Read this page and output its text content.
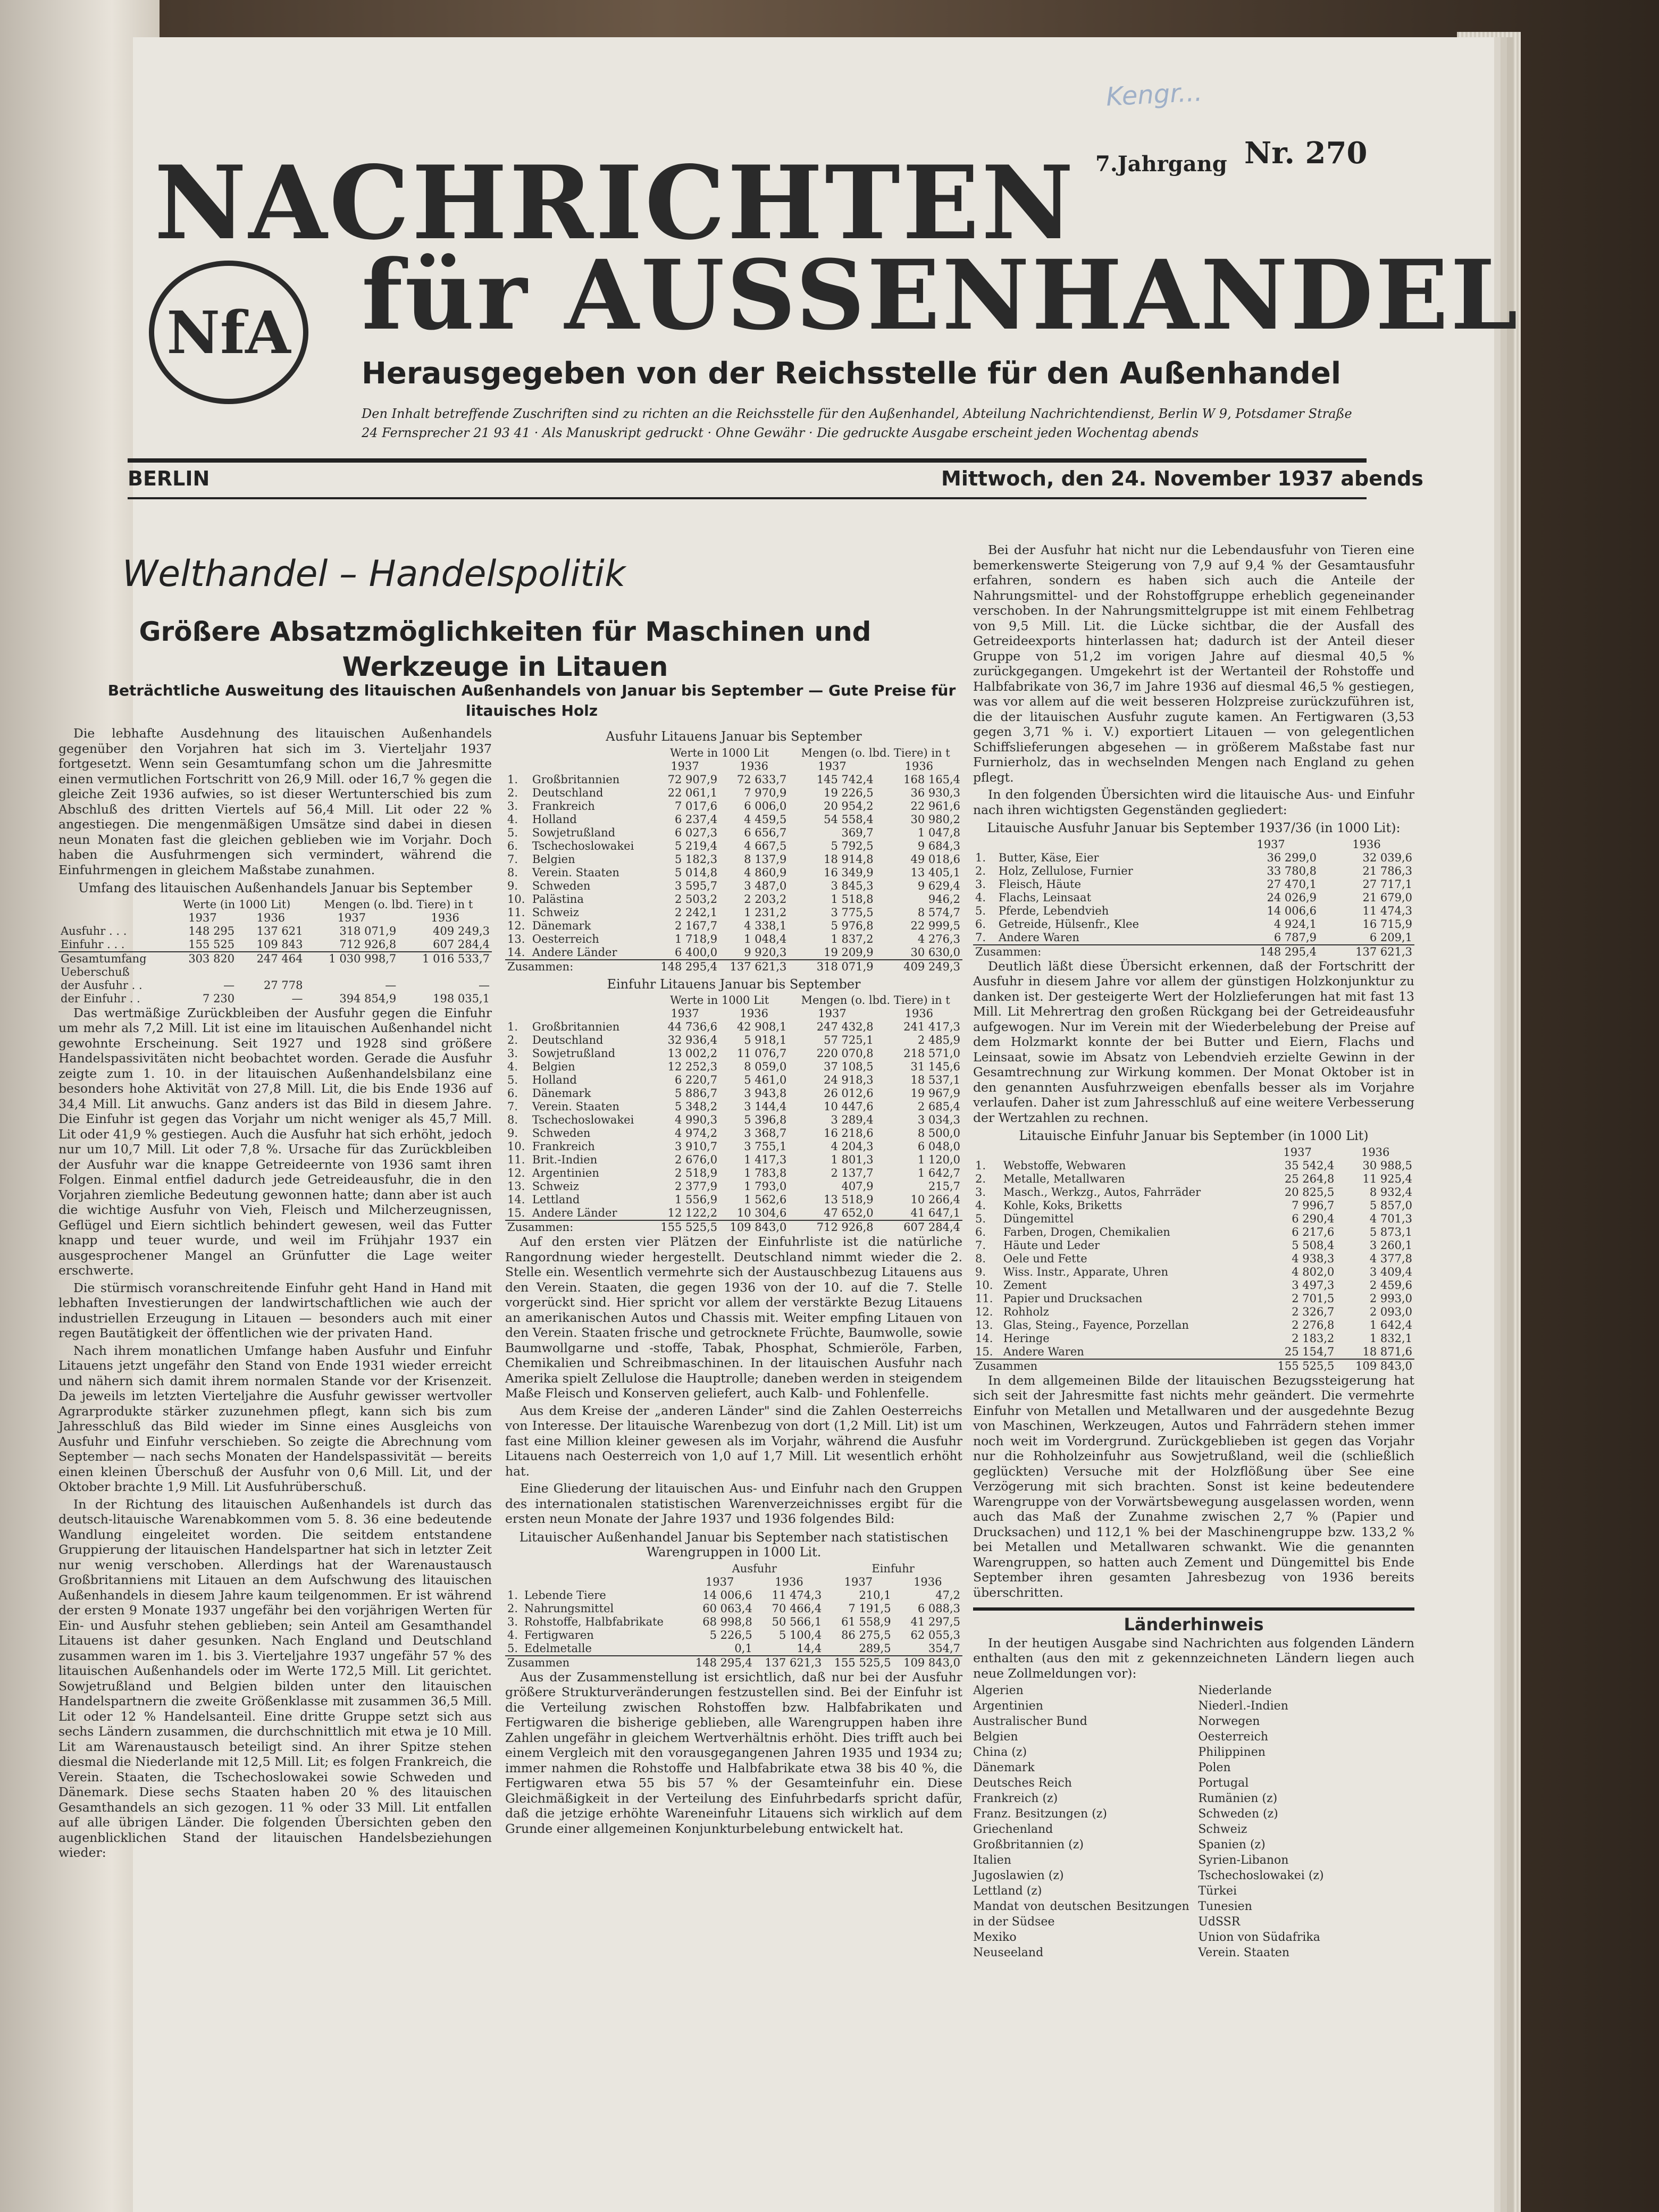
Kengr...
NACHRICHTEN
für AUSSENHANDEL
NfA
7.Jahrgang Nr. 270
Herausgegeben von der Reichsstelle für den Außenhandel
Den Inhalt betreffende Zuschriften sind zu richten an die Reichsstelle für den Außenhandel, Abteilung Nachrichtendienst, Berlin W 9, Potsdamer Straße 24 Fernsprecher 21 93 41 · Als Manuskript gedruckt · Ohne Gewähr · Die gedruckte Ausgabe erscheint jeden Wochentag abends
BERLIN	Mittwoch, den 24. November 1937 abends
Welthandel – Handelspolitik
Größere Absatzmöglichkeiten für Maschinen und Werkzeuge in Litauen
Beträchtliche Ausweitung des litauischen Außenhandels von Januar bis September — Gute Preise für litauisches Holz

Die lebhafte Ausdehnung des litauischen Außenhandels gegenüber den Vorjahren hat sich im 3. Vierteljahr 1937 fortgesetzt. Wenn sein Gesamtumfang schon um die Jahresmitte einen vermutlichen Fortschritt von 26,9 Mill. oder 16,7 % gegen die gleiche Zeit 1936 aufwies, so ist dieser Wertunterschied bis zum Abschluß des dritten Viertels auf 56,4 Mill. Lit oder 22 % angestiegen. Die mengenmäßigen Umsätze sind dabei in diesen neun Monaten fast die gleichen geblieben wie im Vorjahr. Doch haben die Ausfuhrmengen sich vermindert, während die Einfuhrmengen in gleichem Maßstabe zunahmen.

Umfang des litauischen Außenhandels Januar bis September
	Werte (in 1000 Lit)		Mengen (o. lbd. Tiere) in t	
	1937	1936	1937	1936
Ausfuhr . . .	148 295	137 621	318 071,9	409 249,3
Einfuhr . . .	155 525	109 843	712 926,8	607 284,4
Gesamtumfang	303 820	247 464	1 030 998,7	1 016 533,7
Ueberschuß				
der Ausfuhr . .	—	27 778	—	—
der Einfuhr . .	7 230	—	394 854,9	198 035,1

Das wertmäßige Zurückbleiben der Ausfuhr gegen die Einfuhr um mehr als 7,2 Mill. Lit ist eine im litauischen Außenhandel nicht gewohnte Erscheinung. Seit 1927 und 1928 sind größere Handelspassivitäten nicht beobachtet worden. Gerade die Ausfuhr zeigte zum 1. 10. in der litauischen Außenhandelsbilanz eine besonders hohe Aktivität von 27,8 Mill. Lit, die bis Ende 1936 auf 34,4 Mill. Lit anwuchs. Ganz anders ist das Bild in diesem Jahre. Die Einfuhr ist gegen das Vorjahr um nicht weniger als 45,7 Mill. Lit oder 41,9 % gestiegen. Auch die Ausfuhr hat sich erhöht, jedoch nur um 10,7 Mill. Lit oder 7,8 %. Ursache für das Zurückbleiben der Ausfuhr war die knappe Getreideernte von 1936 samt ihren Folgen. Einmal entfiel dadurch jede Getreideausfuhr, die in den Vorjahren ziemliche Bedeutung gewonnen hatte; dann aber ist auch die wichtige Ausfuhr von Vieh, Fleisch und Milcherzeugnissen, Geflügel und Eiern sichtlich behindert gewesen, weil das Futter knapp und teuer wurde, und weil im Frühjahr 1937 ein ausgesprochener Mangel an Grünfutter die Lage weiter erschwerte.

Die stürmisch voranschreitende Einfuhr geht Hand in Hand mit lebhaften Investierungen der landwirtschaftlichen wie auch der industriellen Erzeugung in Litauen — besonders auch mit einer regen Bautätigkeit der öffentlichen wie der privaten Hand.

Nach ihrem monatlichen Umfange haben Ausfuhr und Einfuhr Litauens jetzt ungefähr den Stand von Ende 1931 wieder erreicht und nähern sich damit ihrem normalen Stande vor der Krisenzeit. Da jeweils im letzten Vierteljahre die Ausfuhr gewisser wertvoller Agrarprodukte stärker zuzunehmen pflegt, kann sich bis zum Jahresschluß das Bild wieder im Sinne eines Ausgleichs von Ausfuhr und Einfuhr verschieben. So zeigte die Abrechnung vom September — nach sechs Monaten der Handelspassivität — bereits einen kleinen Überschuß der Ausfuhr von 0,6 Mill. Lit, und der Oktober brachte 1,9 Mill. Lit Ausfuhrüberschuß.

In der Richtung des litauischen Außenhandels ist durch das deutsch-litauische Warenabkommen vom 5. 8. 36 eine bedeutende Wandlung eingeleitet worden. Die seitdem entstandene Gruppierung der litauischen Handelspartner hat sich in letzter Zeit nur wenig verschoben. Allerdings hat der Warenaustausch Großbritanniens mit Litauen an dem Aufschwung des litauischen Außenhandels in diesem Jahre kaum teilgenommen. Er ist während der ersten 9 Monate 1937 ungefähr bei den vorjährigen Werten für Ein- und Ausfuhr stehen geblieben; sein Anteil am Gesamthandel Litauens ist daher gesunken. Nach England und Deutschland zusammen waren im 1. bis 3. Vierteljahre 1937 ungefähr 57 % des litauischen Außenhandels oder im Werte 172,5 Mill. Lit gerichtet. Sowjetrußland und Belgien bilden unter den litauischen Handelspartnern die zweite Größenklasse mit zusammen 36,5 Mill. Lit oder 12 % Handelsanteil. Eine dritte Gruppe setzt sich aus sechs Ländern zusammen, die durchschnittlich mit etwa je 10 Mill. Lit am Warenaustausch beteiligt sind. An ihrer Spitze stehen diesmal die Niederlande mit 12,5 Mill. Lit; es folgen Frankreich, die Verein. Staaten, die Tschechoslowakei sowie Schweden und Dänemark. Diese sechs Staaten haben 20 % des litauischen Gesamthandels an sich gezogen. 11 % oder 33 Mill. Lit entfallen auf alle übrigen Länder. Die folgenden Übersichten geben den augenblicklichen Stand der litauischen Handelsbeziehungen wieder:

Ausfuhr Litauens Januar bis September
		Werte in 1000 Lit		Mengen (o. lbd. Tiere) in t	
		1937	1936	1937	1936
1.	Großbritannien	72 907,9	72 633,7	145 742,4	168 165,4
2.	Deutschland	22 061,1	7 970,9	19 226,5	36 930,3
3.	Frankreich	7 017,6	6 006,0	20 954,2	22 961,6
4.	Holland	6 237,4	4 459,5	54 558,4	30 980,2
5.	Sowjetrußland	6 027,3	6 656,7	369,7	1 047,8
6.	Tschechoslowakei	5 219,4	4 667,5	5 792,5	9 684,3
7.	Belgien	5 182,3	8 137,9	18 914,8	49 018,6
8.	Verein. Staaten	5 014,8	4 860,9	16 349,9	13 405,1
9.	Schweden	3 595,7	3 487,0	3 845,3	9 629,4
10.	Palästina	2 503,2	2 203,2	1 518,8	946,2
11.	Schweiz	2 242,1	1 231,2	3 775,5	8 574,7
12.	Dänemark	2 167,7	4 338,1	5 976,8	22 999,5
13.	Oesterreich	1 718,9	1 048,4	1 837,2	4 276,3
14.	Andere Länder	6 400,0	9 920,3	19 209,9	30 630,0
Zusammen:		148 295,4	137 621,3	318 071,9	409 249,3
Einfuhr Litauens Januar bis September
		Werte in 1000 Lit		Mengen (o. lbd. Tiere) in t	
		1937	1936	1937	1936
1.	Großbritannien	44 736,6	42 908,1	247 432,8	241 417,3
2.	Deutschland	32 936,4	5 918,1	57 725,1	2 485,9
3.	Sowjetrußland	13 002,2	11 076,7	220 070,8	218 571,0
4.	Belgien	12 252,3	8 059,0	37 108,5	31 145,6
5.	Holland	6 220,7	5 461,0	24 918,3	18 537,1
6.	Dänemark	5 886,7	3 943,8	26 012,6	19 967,9
7.	Verein. Staaten	5 348,2	3 144,4	10 447,6	2 685,4
8.	Tschechoslowakei	4 990,3	5 396,8	3 289,4	3 034,3
9.	Schweden	4 974,2	3 368,7	16 218,6	8 500,0
10.	Frankreich	3 910,7	3 755,1	4 204,3	6 048,0
11.	Brit.-Indien	2 676,0	1 417,3	1 801,3	1 120,0
12.	Argentinien	2 518,9	1 783,8	2 137,7	1 642,7
13.	Schweiz	2 377,9	1 793,0	407,9	215,7
14.	Lettland	1 556,9	1 562,6	13 518,9	10 266,4
15.	Andere Länder	12 122,2	10 304,6	47 652,0	41 647,1
Zusammen:		155 525,5	109 843,0	712 926,8	607 284,4

Auf den ersten vier Plätzen der Einfuhrliste ist die natürliche Rangordnung wieder hergestellt. Deutschland nimmt wieder die 2. Stelle ein. Wesentlich vermehrte sich der Austauschbezug Litauens aus den Verein. Staaten, die gegen 1936 von der 10. auf die 7. Stelle vorgerückt sind. Hier spricht vor allem der verstärkte Bezug Litauens an amerikanischen Autos und Chassis mit. Weiter empfing Litauen von den Verein. Staaten frische und getrocknete Früchte, Baumwolle, sowie Baumwollgarne und -stoffe, Tabak, Phosphat, Schmieröle, Farben, Chemikalien und Schreibmaschinen. In der litauischen Ausfuhr nach Amerika spielt Zellulose die Hauptrolle; daneben werden in steigendem Maße Fleisch und Konserven geliefert, auch Kalb- und Fohlenfelle.

Aus dem Kreise der „anderen Länder" sind die Zahlen Oesterreichs von Interesse. Der litauische Warenbezug von dort (1,2 Mill. Lit) ist um fast eine Million kleiner gewesen als im Vorjahr, während die Ausfuhr Litauens nach Oesterreich von 1,0 auf 1,7 Mill. Lit wesentlich erhöht hat.

Eine Gliederung der litauischen Aus- und Einfuhr nach den Gruppen des internationalen statistischen Warenverzeichnisses ergibt für die ersten neun Monate der Jahre 1937 und 1936 folgendes Bild:

Litauischer Außenhandel Januar bis September nach statistischen Warengruppen in 1000 Lit.
		Ausfuhr		Einfuhr	
		1937	1936	1937	1936
1.	Lebende Tiere	14 006,6	11 474,3	210,1	47,2
2.	Nahrungsmittel	60 063,4	70 466,4	7 191,5	6 088,3
3.	Rohstoffe, Halbfabrikate	68 998,8	50 566,1	61 558,9	41 297,5
4.	Fertigwaren	5 226,5	5 100,4	86 275,5	62 055,3
5.	Edelmetalle	0,1	14,4	289,5	354,7
Zusammen		148 295,4	137 621,3	155 525,5	109 843,0

Aus der Zusammenstellung ist ersichtlich, daß nur bei der Ausfuhr größere Strukturveränderungen festzustellen sind. Bei der Einfuhr ist die Verteilung zwischen Rohstoffen bzw. Halbfabrikaten und Fertigwaren die bisherige geblieben, alle Warengruppen haben ihre Zahlen ungefähr in gleichem Wertverhältnis erhöht. Dies trifft auch bei einem Vergleich mit den vorausgegangenen Jahren 1935 und 1934 zu; immer nahmen die Rohstoffe und Halbfabrikate etwa 38 bis 40 %, die Fertigwaren etwa 55 bis 57 % der Gesamteinfuhr ein. Diese Gleichmäßigkeit in der Verteilung des Einfuhrbedarfs spricht dafür, daß die jetzige erhöhte Wareneinfuhr Litauens sich wirklich auf dem Grunde einer allgemeinen Konjunkturbelebung entwickelt hat.

Bei der Ausfuhr hat nicht nur die Lebendausfuhr von Tieren eine bemerkenswerte Steigerung von 7,9 auf 9,4 % der Gesamtausfuhr erfahren, sondern es haben sich auch die Anteile der Nahrungsmittel- und der Rohstoffgruppe erheblich gegeneinander verschoben. In der Nahrungsmittelgruppe ist mit einem Fehlbetrag von 9,5 Mill. Lit. die Lücke sichtbar, die der Ausfall des Getreideexports hinterlassen hat; dadurch ist der Anteil dieser Gruppe von 51,2 im vorigen Jahre auf diesmal 40,5 % zurückgegangen. Umgekehrt ist der Wertanteil der Rohstoffe und Halbfabrikate von 36,7 im Jahre 1936 auf diesmal 46,5 % gestiegen, was vor allem auf die weit besseren Holzpreise zurückzuführen ist, die der litauischen Ausfuhr zugute kamen. An Fertigwaren (3,53 gegen 3,71 % i. V.) exportiert Litauen — von gelegentlichen Schiffslieferungen abgesehen — in größerem Maßstabe fast nur Furnierholz, das in wechselnden Mengen nach England zu gehen pflegt.

In den folgenden Übersichten wird die litauische Aus- und Einfuhr nach ihren wichtigsten Gegenständen gegliedert:

Litauische Ausfuhr Januar bis September 1937/36 (in 1000 Lit):
		1937	1936
1.	Butter, Käse, Eier	36 299,0	32 039,6
2.	Holz, Zellulose, Furnier	33 780,8	21 786,3
3.	Fleisch, Häute	27 470,1	27 717,1
4.	Flachs, Leinsaat	24 026,9	21 679,0
5.	Pferde, Lebendvieh	14 006,6	11 474,3
6.	Getreide, Hülsenfr., Klee	4 924,1	16 715,9
7.	Andere Waren	6 787,9	6 209,1
Zusammen:		148 295,4	137 621,3

Deutlich läßt diese Übersicht erkennen, daß der Fortschritt der Ausfuhr in diesem Jahre vor allem der günstigen Holzkonjunktur zu danken ist. Der gesteigerte Wert der Holzlieferungen hat mit fast 13 Mill. Lit Mehrertrag den großen Rückgang bei der Getreideausfuhr aufgewogen. Nur im Verein mit der Wiederbelebung der Preise auf dem Holzmarkt konnte der bei Butter und Eiern, Flachs und Leinsaat, sowie im Absatz von Lebendvieh erzielte Gewinn in der Gesamtrechnung zur Wirkung kommen. Der Monat Oktober ist in den genannten Ausfuhrzweigen ebenfalls besser als im Vorjahre verlaufen. Daher ist zum Jahresschluß auf eine weitere Verbesserung der Wertzahlen zu rechnen.

Litauische Einfuhr Januar bis September (in 1000 Lit)
		1937	1936
1.	Webstoffe, Webwaren	35 542,4	30 988,5
2.	Metalle, Metallwaren	25 264,8	11 925,4
3.	Masch., Werkzg., Autos, Fahrräder	20 825,5	8 932,4
4.	Kohle, Koks, Briketts	7 996,7	5 857,0
5.	Düngemittel	6 290,4	4 701,3
6.	Farben, Drogen, Chemikalien	6 217,6	5 873,1
7.	Häute und Leder	5 508,4	3 260,1
8.	Oele und Fette	4 938,3	4 377,8
9.	Wiss. Instr., Apparate, Uhren	4 802,0	3 409,4
10.	Zement	3 497,3	2 459,6
11.	Papier und Drucksachen	2 701,5	2 993,0
12.	Rohholz	2 326,7	2 093,0
13.	Glas, Steing., Fayence, Porzellan	2 276,8	1 642,4
14.	Heringe	2 183,2	1 832,1
15.	Andere Waren	25 154,7	18 871,6
Zusammen		155 525,5	109 843,0

In dem allgemeinen Bilde der litauischen Bezugssteigerung hat sich seit der Jahresmitte fast nichts mehr geändert. Die vermehrte Einfuhr von Metallen und Metallwaren und der ausgedehnte Bezug von Maschinen, Werkzeugen, Autos und Fahrrädern stehen immer noch weit im Vordergrund. Zurückgeblieben ist gegen das Vorjahr nur die Rohholzeinfuhr aus Sowjetrußland, weil die (schließlich geglückten) Versuche mit der Holzflößung über See eine Verzögerung mit sich brachten. Sonst ist keine bedeutendere Warengruppe von der Vorwärtsbewegung ausgelassen worden, wenn auch das Maß der Zunahme zwischen 2,7 % (Papier und Drucksachen) und 112,1 % bei der Maschinengruppe bzw. 133,2 % bei Metallen und Metallwaren schwankt. Wie die genannten Warengruppen, so hatten auch Zement und Düngemittel bis Ende September ihren gesamten Jahresbezug von 1936 bereits überschritten.

Länderhinweis

In der heutigen Ausgabe sind Nachrichten aus folgenden Ländern enthalten (aus den mit z gekennzeichneten Ländern liegen auch neue Zollmeldungen vor):

Algerien
Argentinien
Australischer Bund
Belgien
China (z)
Dänemark
Deutsches Reich
Frankreich (z)
Franz. Besitzungen (z)
Griechenland
Großbritannien (z)
Italien
Jugoslawien (z)
Lettland (z)
Mandat von deutschen Besitzungen in der Südsee
Mexiko
Neuseeland
Niederlande
Niederl.-Indien
Norwegen
Oesterreich
Philippinen
Polen
Portugal
Rumänien (z)
Schweden (z)
Schweiz
Spanien (z)
Syrien-Libanon
Tschechoslowakei (z)
Türkei
Tunesien
UdSSR
Union von Südafrika
Verein. Staaten
